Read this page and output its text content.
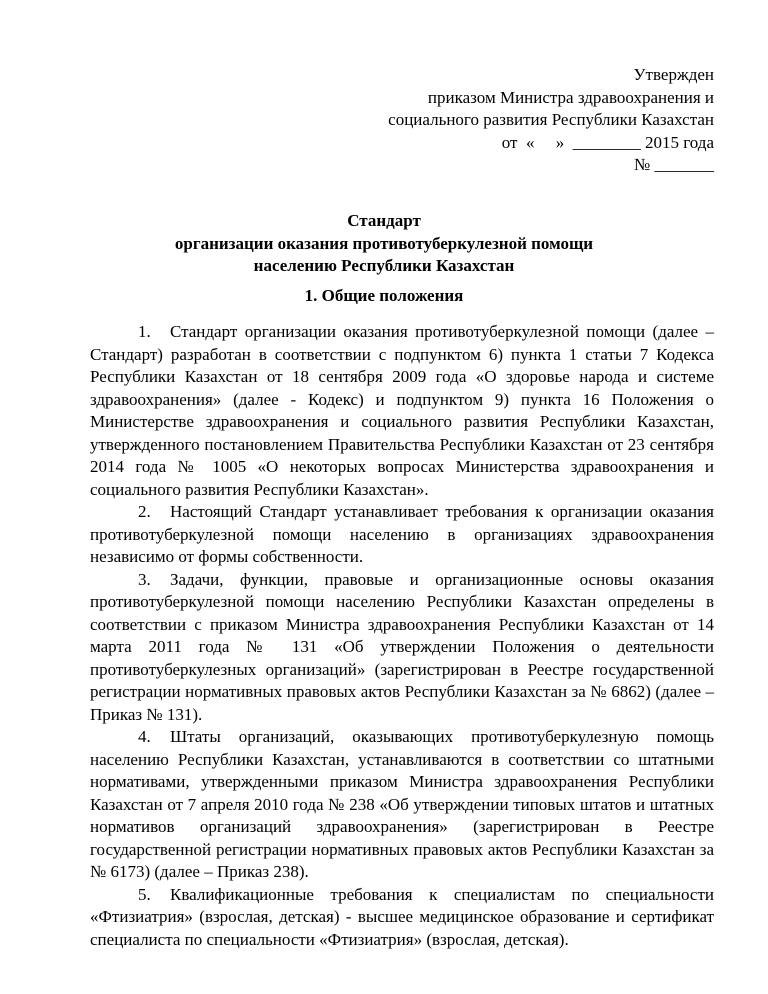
Утвержден
приказом Министра здравоохранения и
социального развития Республики Казахстан
от  «     »  ________ 2015 года
№ _______
Стандарт
организации оказания противотуберкулезной помощи
населению Республики Казахстан
1. Общие положения

1. Стандарт организации оказания противотуберкулезной помощи (далее – Стандарт) разработан в соответствии с подпунктом 6) пункта 1 статьи 7 Кодекса Республики Казахстан от 18 сентября 2009 года «О здоровье народа и системе здравоохранения» (далее - Кодекс) и подпунктом 9) пункта 16 Положения о Министерстве здравоохранения и социального развития Республики Казахстан, утвержденного постановлением Правительства Республики Казахстан от 23 сентября 2014 года № 1005 «О некоторых вопросах Министерства здравоохранения и социального развития Республики Казахстан».

2. Настоящий Стандарт устанавливает требования к организации оказания противотуберкулезной помощи населению в организациях здравоохранения независимо от формы собственности.

3. Задачи, функции, правовые и организационные основы оказания противотуберкулезной помощи населению Республики Казахстан определены в соответствии с приказом Министра здравоохранения Республики Казахстан от 14 марта 2011 года № 131 «Об утверждении Положения о деятельности противотуберкулезных организаций» (зарегистрирован в Реестре государственной регистрации нормативных правовых актов Республики Казахстан за № 6862) (далее – Приказ № 131).

4. Штаты организаций, оказывающих противотуберкулезную помощь населению Республики Казахстан, устанавливаются в соответствии со штатными нормативами, утвержденными приказом Министра здравоохранения Республики Казахстан от 7 апреля 2010 года № 238 «Об утверждении типовых штатов и штатных нормативов организаций здравоохранения» (зарегистрирован в Реестре государственной регистрации нормативных правовых актов Республики Казахстан за № 6173) (далее – Приказ 238).

5. Квалификационные требования к специалистам по специальности «Фтизиатрия» (взрослая, детская) - высшее медицинское образование и сертификат специалиста по специальности «Фтизиатрия» (взрослая, детская).
